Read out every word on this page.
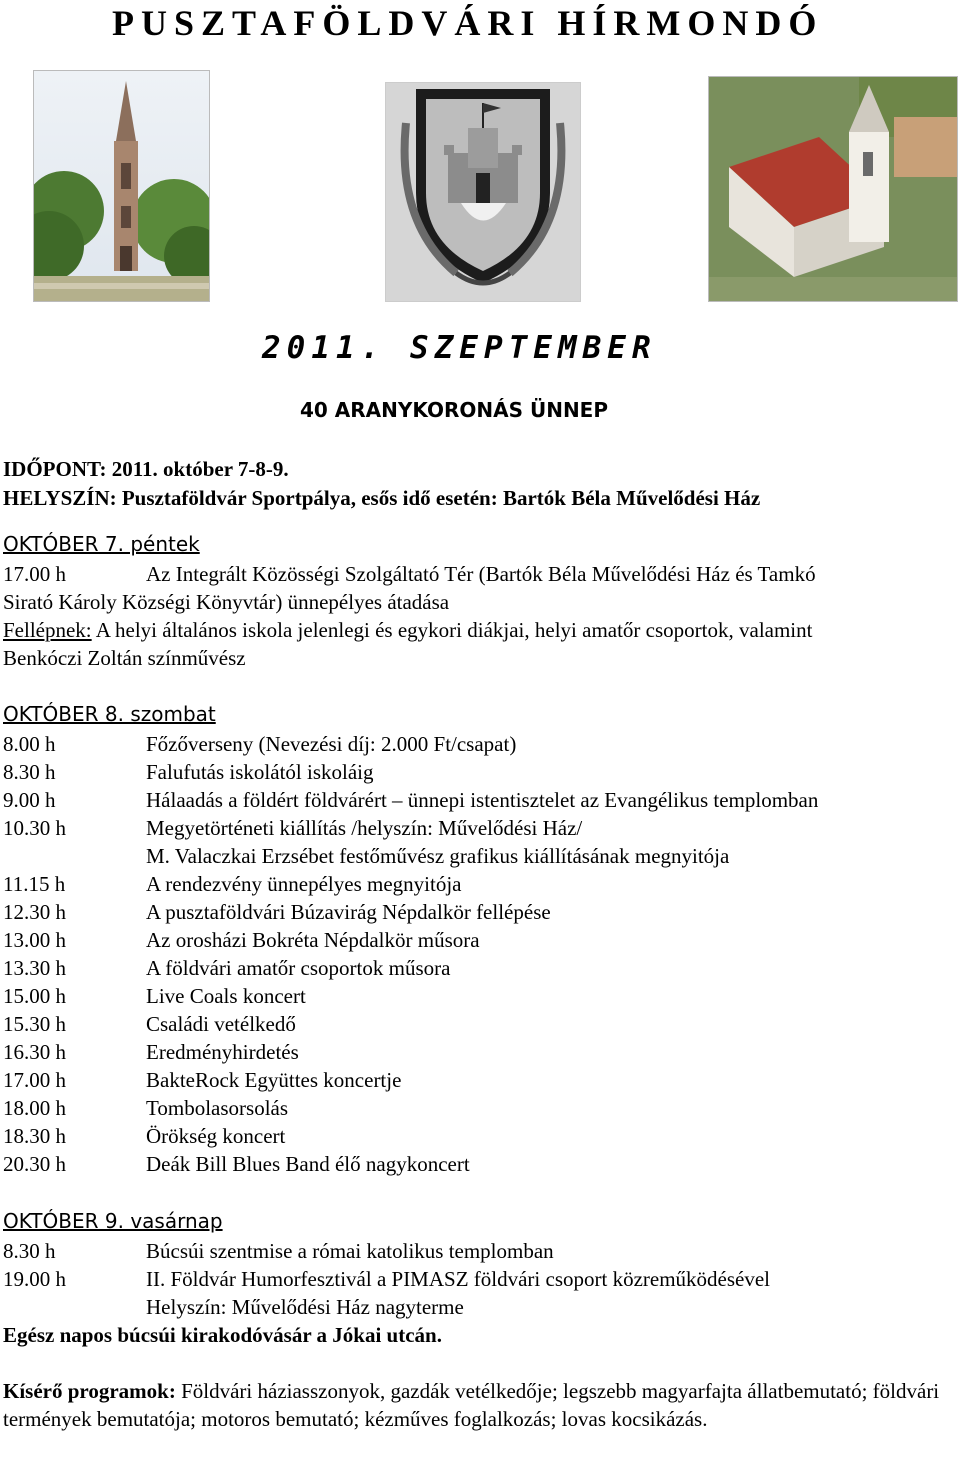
PUSZTAFÖLDVÁRI HÍRMONDÓ
2011. SZEPTEMBER
40 ARANYKORONÁS ÜNNEP
IDŐPONT: 2011. október 7-8-9.
HELYSZÍN: Pusztaföldvár Sportpálya, esős idő esetén: Bartók Béla Művelődési Ház
OKTÓBER 7. péntek
17.00 h	Az Integrált Közösségi Szolgáltató Tér (Bartók Béla Művelődési Ház és Tamkó
Sirató Károly Községi Könyvtár) ünnepélyes átadása
Fellépnek: A helyi általános iskola jelenlegi és egykori diákjai, helyi amatőr csoportok, valamint
Benkóczi Zoltán színművész
OKTÓBER 8. szombat
8.00 h	Főzőverseny (Nevezési díj: 2.000 Ft/csapat)
8.30 h	Falufutás iskolától iskoláig
9.00 h	Hálaadás a földért földvárért – ünnepi istentisztelet az Evangélikus templomban
10.30 h	Megyetörténeti kiállítás /helyszín: Művelődési Ház/
M. Valaczkai Erzsébet festőművész grafikus kiállításának megnyitója
11.15 h	A rendezvény ünnepélyes megnyitója
12.30 h	A pusztaföldvári Búzavirág Népdalkör fellépése
13.00 h	Az orosházi Bokréta Népdalkör műsora
13.30 h	A földvári amatőr csoportok műsora
15.00 h	Live Coals koncert
15.30 h	Családi vetélkedő
16.30 h	Eredményhirdetés
17.00 h	BakteRock Együttes koncertje
18.00 h	Tombolasorsolás
18.30 h	Örökség koncert
20.30 h	Deák Bill Blues Band élő nagykoncert
OKTÓBER 9. vasárnap
8.30 h	Búcsúi szentmise a római katolikus templomban
19.00 h	II. Földvár Humorfesztivál a PIMASZ földvári csoport közreműködésével
Helyszín: Művelődési Ház nagyterme
Egész napos búcsúi kirakodóvásár a Jókai utcán.
Kísérő programok: Földvári háziasszonyok, gazdák vetélkedője; legszebb magyarfajta állatbemutató; földvári termények bemutatója; motoros bemutató; kézműves foglalkozás; lovas kocsikázás.
